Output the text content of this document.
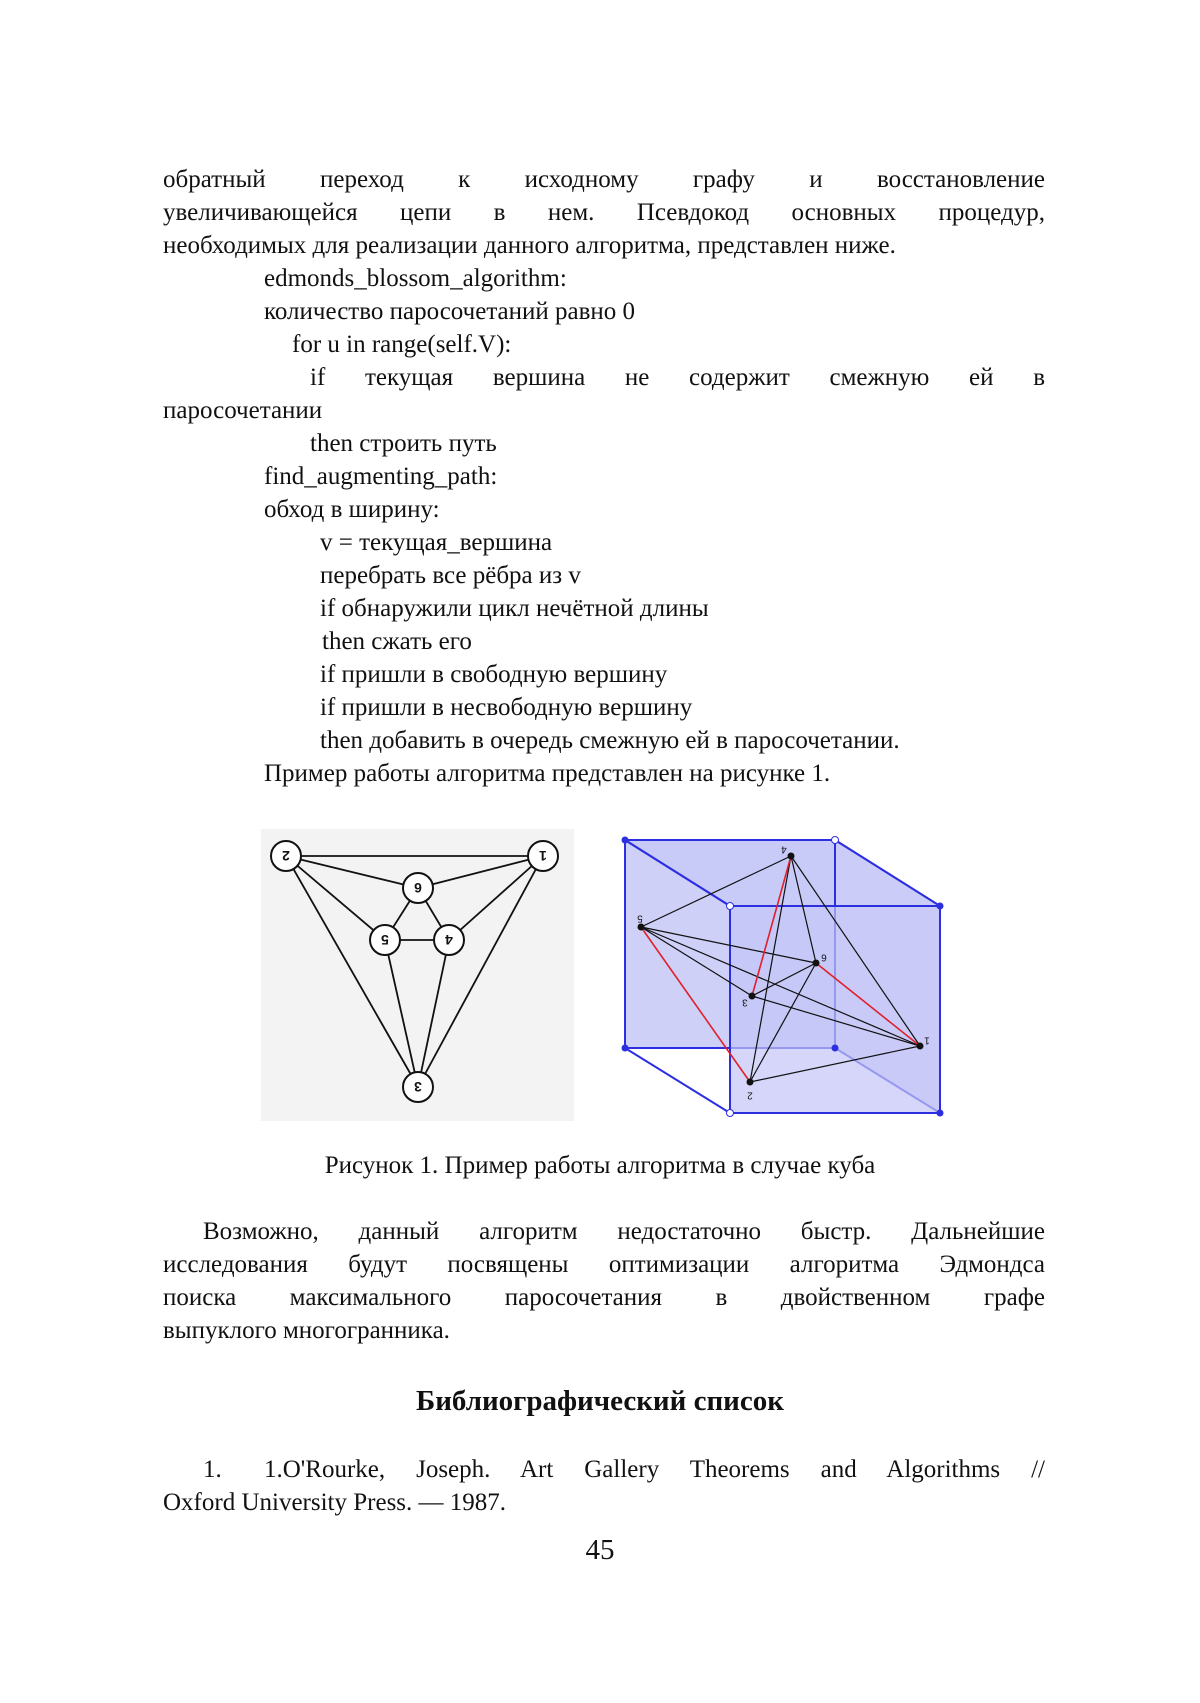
обратный переход к исходному графу и восстановление
увеличивающейся цепи в нем. Псевдокод основных процедур,
необходимых для реализации данного алгоритма, представлен ниже.
edmonds_blossom_algorithm:
количество паросочетаний равно 0
for u in range(self.V):
if текущая вершина не содержит смежную ей в
паросочетании
then строить путь
find_augmenting_path:
обход в ширину:
v = текущая_вершина
перебрать все рёбра из v
if обнаружили цикл нечётной длины
then сжать его
if пришли в свободную вершину
if пришли в несвободную вершину
then добавить в очередь смежную ей в паросочетании.
Пример работы алгоритма представлен на рисунке 1.
2	1
6
5	4
3
4
5
6
3
1
2
Рисунок 1. Пример работы алгоритма в случае куба
Возможно, данный алгоритм недостаточно быстр. Дальнейшие
исследования будут посвящены оптимизации алгоритма Эдмондса
поиска максимального паросочетания в двойственном графе
выпуклого многогранника.
Библиографический список
1. 1.O'Rourke, Joseph. Art Gallery Theorems and Algorithms //
Oxford University Press. — 1987.
45
